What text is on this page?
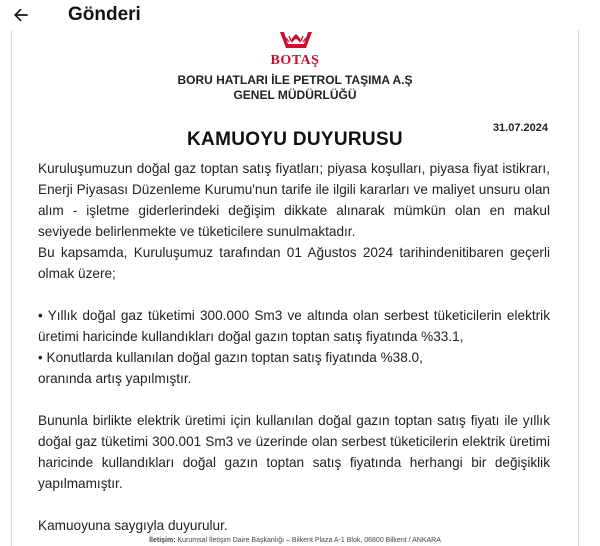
Gönderi
BOTAŞ
BORU HATLARI İLE PETROL TAŞIMA A.Ş
GENEL MÜDÜRLÜĞÜ
31.07.2024
KAMUOYU DUYURUSU

Kuruluşumuzun doğal gaz toptan satış fiyatları; piyasa koşulları, piyasa fiyat istikrarı, Enerji Piyasası Düzenleme Kurumu'nun tarife ile ilgili kararları ve maliyet unsuru olan alım - işletme giderlerindeki değişim dikkate alınarak mümkün olan en makul seviyede belirlenmekte ve tüketicilere sunulmaktadır.

Bu kapsamda, Kuruluşumuz tarafından 01 Ağustos 2024 tarihindenitibaren geçerli olmak üzere;

• Yıllık doğal gaz tüketimi 300.000 Sm3 ve altında olan serbest tüketicilerin elektrik üretimi haricinde kullandıkları doğal gazın toptan satış fiyatında %33.1,

• Konutlarda kullanılan doğal gazın toptan satış fiyatında %38.0,

oranında artış yapılmıştır.

Bununla birlikte elektrik üretimi için kullanılan doğal gazın toptan satış fiyatı ile yıllık doğal gaz tüketimi 300.001 Sm3 ve üzerinde olan serbest tüketicilerin elektrik üretimi haricinde kullandıkları doğal gazın toptan satış fiyatında herhangi bir değişiklik yapılmamıştır.

Kamuoyuna saygıyla duyurulur.

İletişim: Kurumsal İletişim Daire Başkanlığı – Bilkent Plaza A-1 Blok, 06800 Bilkent / ANKARA
